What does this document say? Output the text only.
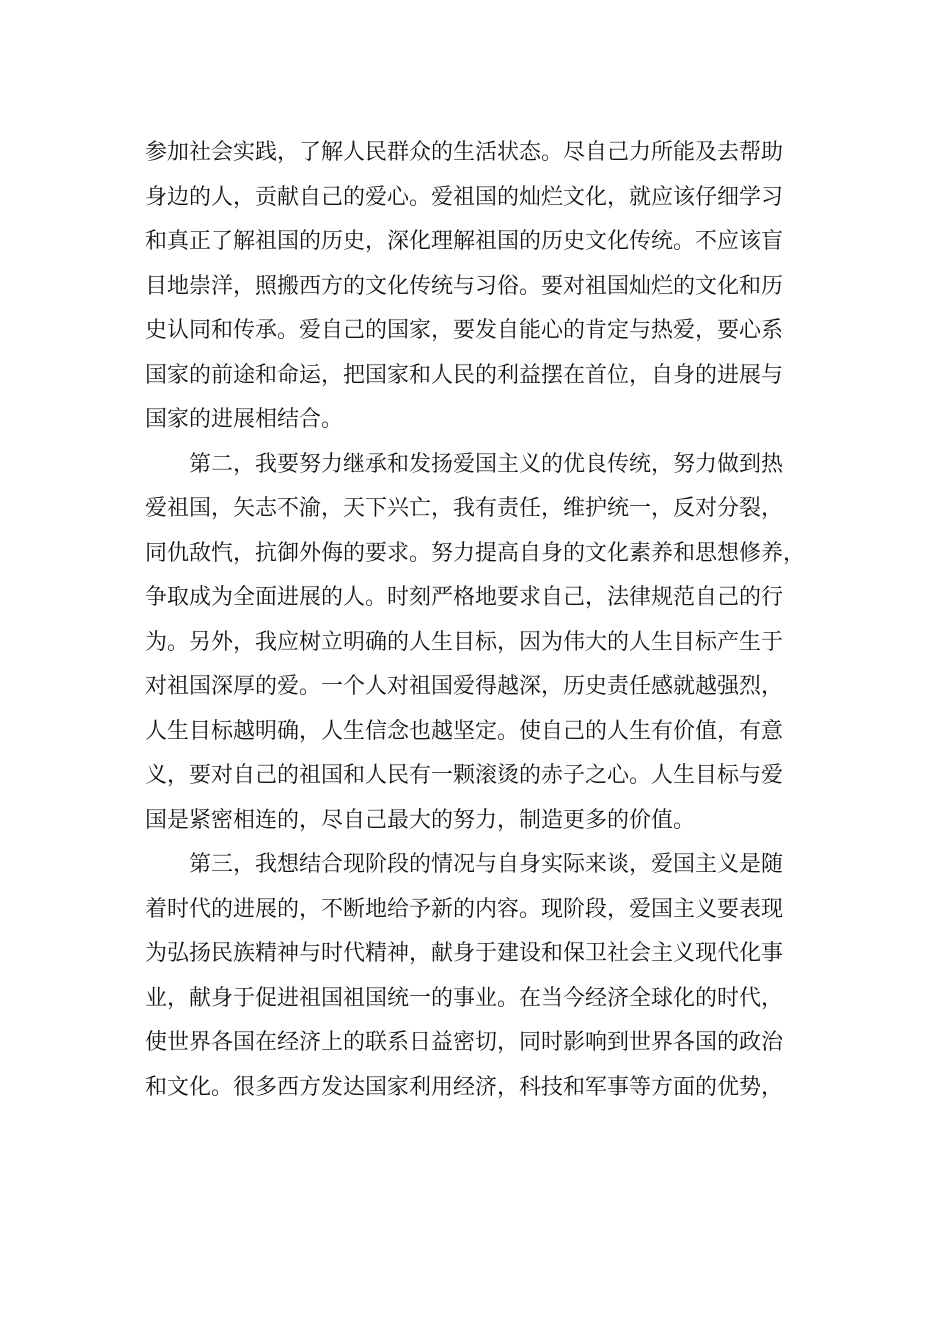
参加社会实践，了解人民群众的生活状态。尽自己力所能及去帮助
身边的人，贡献自己的爱心。爱祖国的灿烂文化，就应该仔细学习
和真正了解祖国的历史，深化理解祖国的历史文化传统。不应该盲
目地崇洋，照搬西方的文化传统与习俗。要对祖国灿烂的文化和历
史认同和传承。爱自己的国家，要发自能心的肯定与热爱，要心系
国家的前途和命运，把国家和人民的利益摆在首位，自身的进展与
国家的进展相结合。
第二，我要努力继承和发扬爱国主义的优良传统，努力做到热
爱祖国，矢志不渝，天下兴亡，我有责任，维护统一，反对分裂，
同仇敌忾，抗御外侮的要求。努力提高自身的文化素养和思想修养，
争取成为全面进展的人。时刻严格地要求自己，法律规范自己的行
为。另外，我应树立明确的人生目标，因为伟大的人生目标产生于
对祖国深厚的爱。一个人对祖国爱得越深，历史责任感就越强烈，
人生目标越明确，人生信念也越坚定。使自己的人生有价值，有意
义，要对自己的祖国和人民有一颗滚烫的赤子之心。人生目标与爱
国是紧密相连的，尽自己最大的努力，制造更多的价值。
第三，我想结合现阶段的情况与自身实际来谈，爱国主义是随
着时代的进展的，不断地给予新的内容。现阶段，爱国主义要表现
为弘扬民族精神与时代精神，献身于建设和保卫社会主义现代化事
业，献身于促进祖国祖国统一的事业。在当今经济全球化的时代，
使世界各国在经济上的联系日益密切，同时影响到世界各国的政治
和文化。很多西方发达国家利用经济，科技和军事等方面的优势，
